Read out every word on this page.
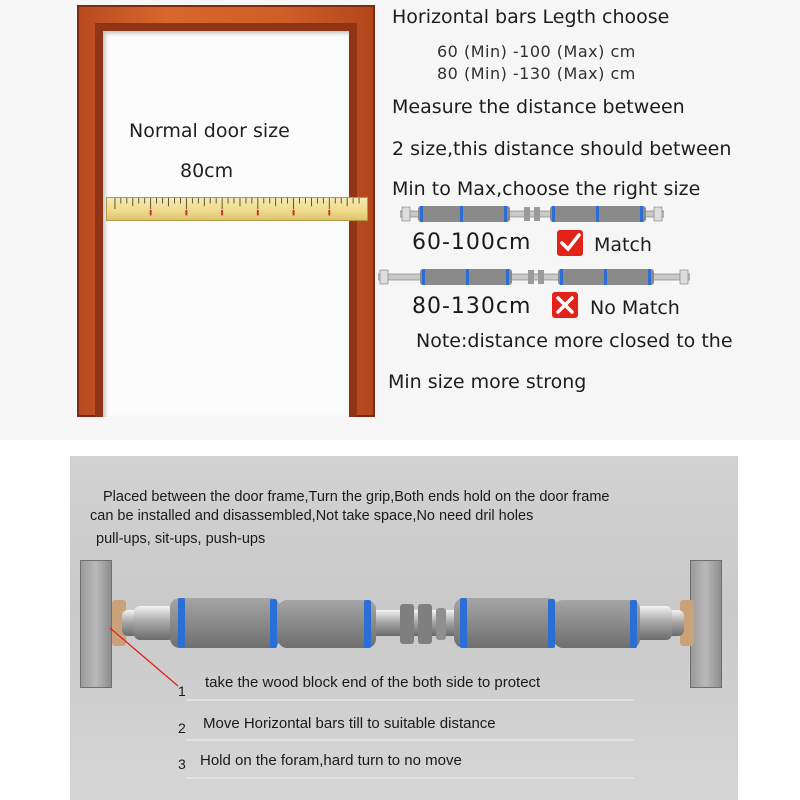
Normal door size
80cm
Horizontal bars Legth choose
60 (Min) -100 (Max) cm
80 (Min) -130 (Max) cm
Measure the distance between
2 size,this distance should between
Min to Max,choose the right size
60-100cm	Match
80-130cm	No Match
Note:distance more closed to the
Min size more strong
Placed between the door frame,Turn the grip,Both ends hold on the door frame
can be installed and disassembled,Not take space,No need dril holes
pull-ups, sit-ups, push-ups
1 take the wood block end of the both side to protect
2 Move Horizontal bars till to suitable distance
3 Hold on the foram,hard turn to no move
